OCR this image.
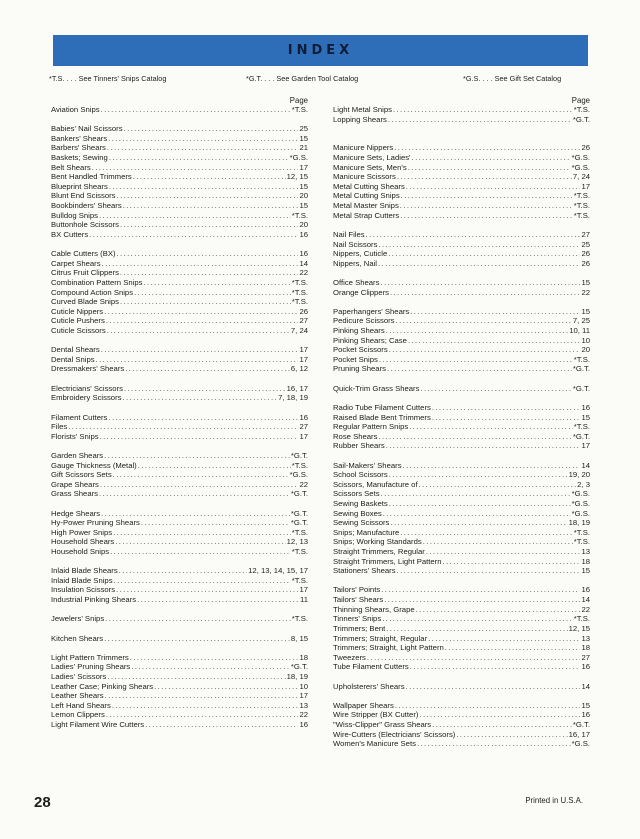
INDEX
*T.S. . . . See Tinners' Snips Catalog	*G.T. . . . See Garden Tool Catalog	*G.S. . . . See Gift Set Catalog
Page
Aviation Snips .....	*T.S.
Babies' Nail Scissors .....	25
Bankers' Shears .....	15
Barbers' Shears .....	21
Baskets; Sewing .....	*G.S.
Belt Shears .....	17
Bent Handled Trimmers .....	12, 15
Blueprint Shears .....	15
Blunt End Scissors .....	20
Bookbinders' Shears .....	15
Bulldog Snips .....	*T.S.
Buttonhole Scissors .....	20
BX Cutters .....	16
Cable Cutters (BX) .....	16
Carpet Shears .....	14
Citrus Fruit Clippers .....	22
Combination Pattern Snips .....	*T.S.
Compound Action Snips .....	*T.S.
Curved Blade Snips .....	*T.S.
Cuticle Nippers .....	26
Cuticle Pushers .....	27
Cuticle Scissors .....	7, 24
Dental Shears .....	17
Dental Snips .....	17
Dressmakers' Shears .....	6, 12
Electricians' Scissors .....	16, 17
Embroidery Scissors .....	7, 18, 19
Filament Cutters .....	16
Files .....	27
Florists' Snips .....	17
Garden Shears .....	*G.T.
Gauge Thickness (Metal) .....	*T.S.
Gift Scissors Sets .....	*G.S.
Grape Shears .....	22
Grass Shears .....	*G.T.
Hedge Shears .....	*G.T.
Hy-Power Pruning Shears .....	*G.T.
High Power Snips .....	*T.S.
Household Shears .....	12, 13
Household Snips .....	*T.S.
Inlaid Blade Shears .....	12, 13, 14, 15, 17
Inlaid Blade Snips .....	*T.S.
Insulation Scissors .....	17
Industrial Pinking Shears .....	11
Jewelers' Snips .....	*T.S.
Kitchen Shears .....	8, 15
Light Pattern Trimmers .....	18
Ladies' Pruning Shears .....	*G.T.
Ladies' Scissors .....	18, 19
Leather Case; Pinking Shears .....	10
Leather Shears .....	17
Left Hand Shears .....	13
Lemon Clippers .....	22
Light Filament Wire Cutters .....	16
Page
Light Metal Snips .....	*T.S.
Lopping Shears .....	*G.T.
Manicure Nippers .....	26
Manicure Sets, Ladies' .....	*G.S.
Manicure Sets, Men's .....	*G.S.
Manicure Scissors .....	7, 24
Metal Cutting Shears .....	17
Metal Cutting Snips .....	*T.S.
Metal Master Snips .....	*T.S.
Metal Strap Cutters .....	*T.S.
Nail Files .....	27
Nail Scissors .....	25
Nippers, Cuticle .....	26
Nippers, Nail .....	26
Office Shears .....	15
Orange Clippers .....	22
Paperhangers' Shears .....	15
Pedicure Scissors .....	7, 25
Pinking Shears .....	10, 11
Pinking Shears; Case .....	10
Pocket Scissors .....	20
Pocket Snips .....	*T.S.
Pruning Shears .....	*G.T.
Quick-Trim Grass Shears .....	*G.T.
Radio Tube Filament Cutters .....	16
Raised Blade Bent Trimmers .....	15
Regular Pattern Snips .....	*T.S.
Rose Shears .....	*G.T.
Rubber Shears .....	17
Sail-Makers' Shears .....	14
School Scissors .....	19, 20
Scissors, Manufacture of .....	2, 3
Scissors Sets .....	*G.S.
Sewing Baskets .....	*G.S.
Sewing Boxes .....	*G.S.
Sewing Scissors .....	18, 19
Snips; Manufacture .....	*T.S.
Snips; Working Standards .....	*T.S.
Straight Trimmers, Regular .....	13
Straight Trimmers, Light Pattern .....	18
Stationers' Shears .....	15
Tailors' Points .....	16
Tailors' Shears .....	14
Thinning Shears, Grape .....	22
Tinners' Snips .....	*T.S.
Trimmers; Bent .....	12, 15
Trimmers; Straight, Regular .....	13
Trimmers; Straight, Light Pattern .....	18
Tweezers .....	27
Tube Filament Cutters .....	16
Upholsterers' Shears .....	14
Wallpaper Shears .....	15
Wire Stripper (BX Cutter) .....	16
"Wiss-Clipper" Grass Shears .....	*G.T.
Wire-Cutters (Electricians' Scissors) .....	16, 17
Women's Manicure Sets .....	*G.S.
28	Printed in U.S.A.
